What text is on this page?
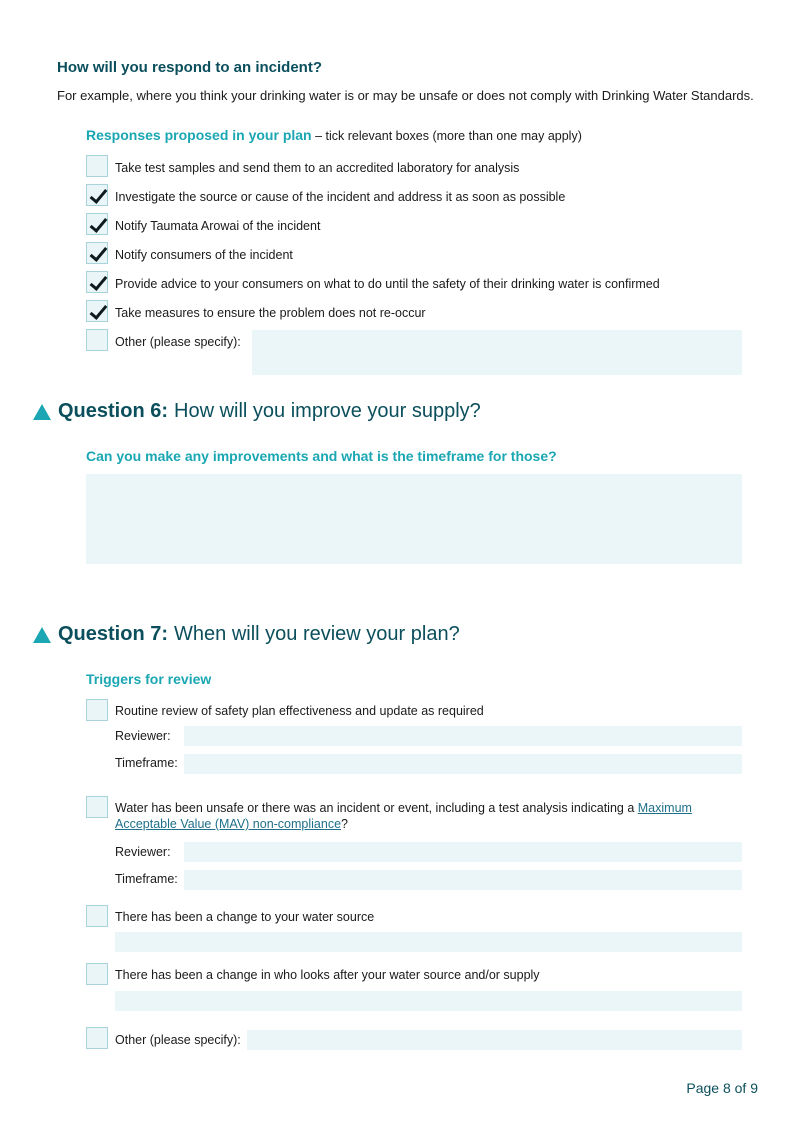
How will you respond to an incident?
For example, where you think your drinking water is or may be unsafe or does not comply with Drinking Water Standards.
Responses proposed in your plan – tick relevant boxes (more than one may apply)
Take test samples and send them to an accredited laboratory for analysis
Investigate the source or cause of the incident and address it as soon as possible
Notify Taumata Arowai of the incident
Notify consumers of the incident
Provide advice to your consumers on what to do until the safety of their drinking water is confirmed
Take measures to ensure the problem does not re-occur
Other (please specify):
Question 6: How will you improve your supply?
Can you make any improvements and what is the timeframe for those?
Question 7: When will you review your plan?
Triggers for review
Routine review of safety plan effectiveness and update as required
Reviewer:
Timeframe:
Water has been unsafe or there was an incident or event, including a test analysis indicating a Maximum Acceptable Value (MAV) non-compliance?
Reviewer:
Timeframe:
There has been a change to your water source
There has been a change in who looks after your water source and/or supply
Other (please specify):
Page 8 of 9
